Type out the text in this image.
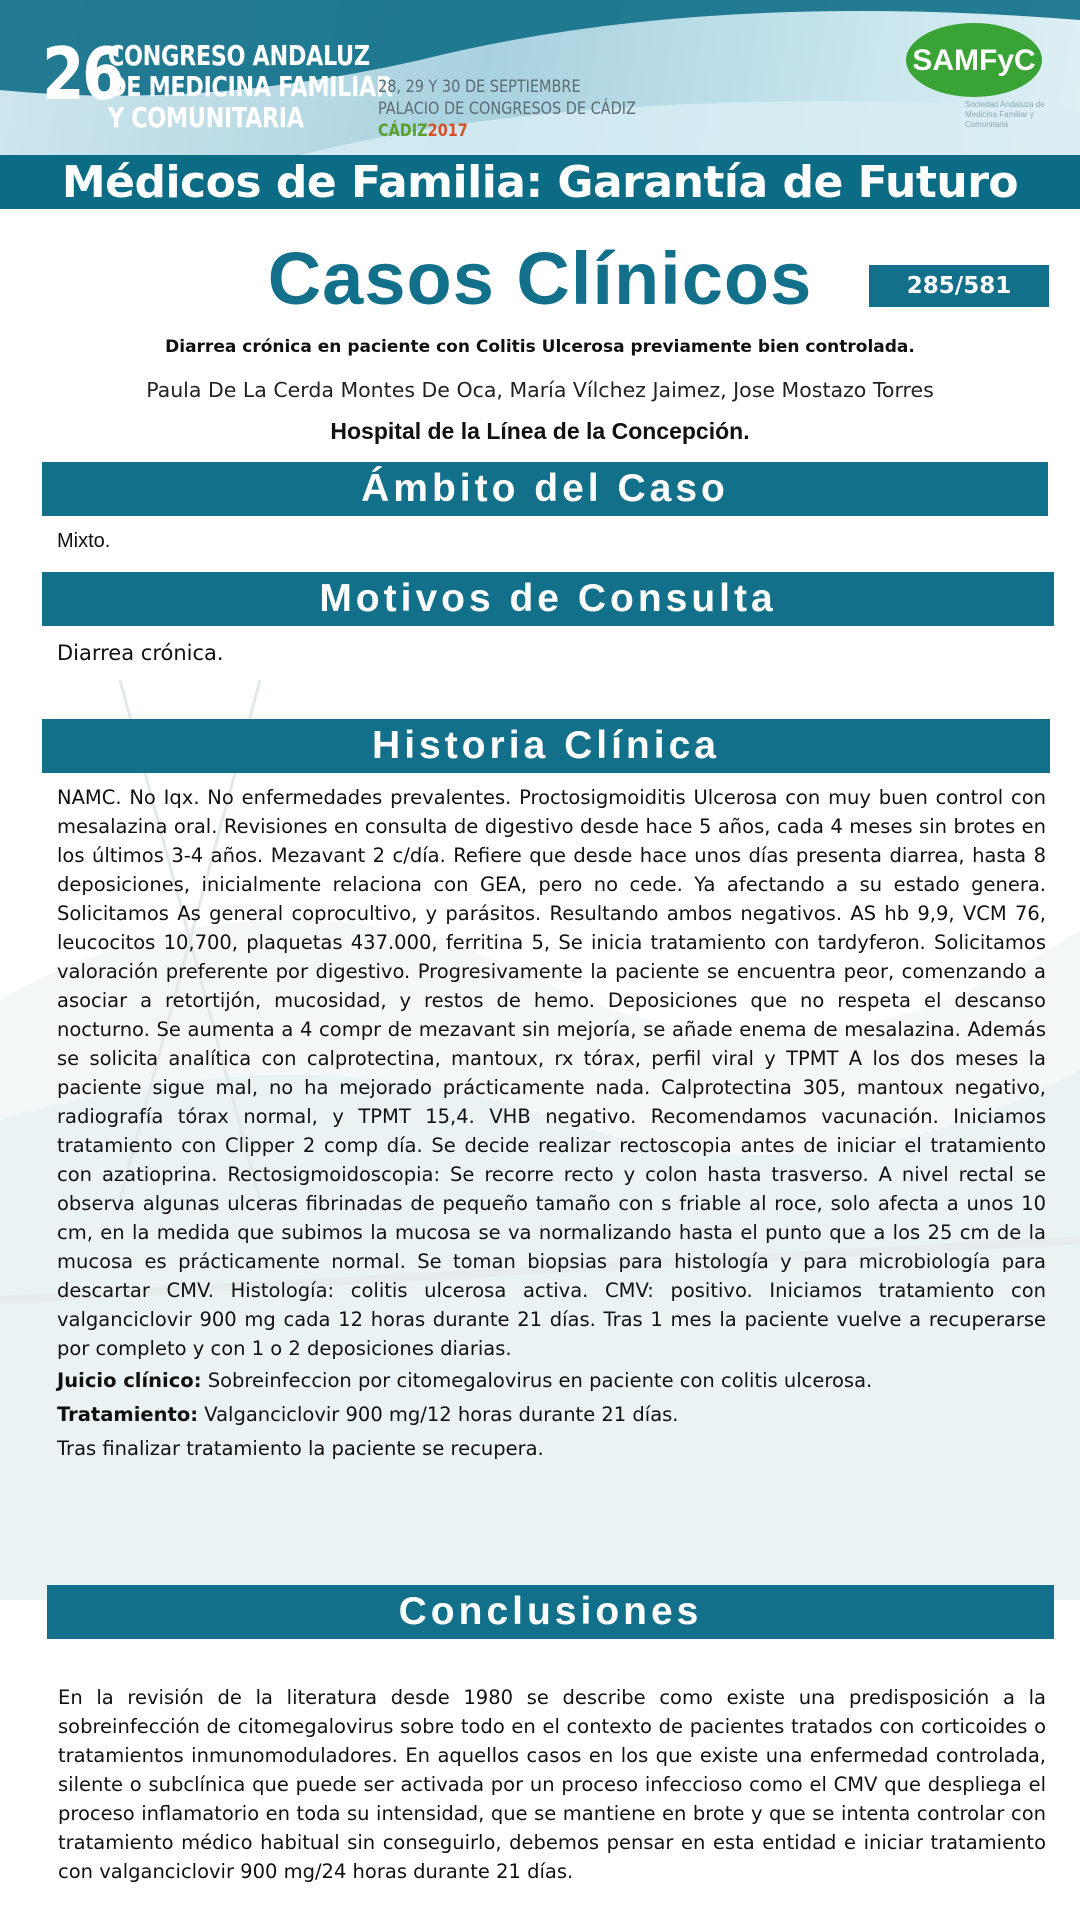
26
CONGRESO ANDALUZ
DE MEDICINA FAMILIAR
Y COMUNITARIA
28, 29 Y 30 DE SEPTIEMBRE
PALACIO DE CONGRESOS DE CÁDIZ
CÁDIZ2017
SAMFyC
Sociedad Andaluza de Medicina Familiar y Comunitaria
Médicos de Familia: Garantía de Futuro
Casos Clínicos	285/581
Diarrea crónica en paciente con Colitis Ulcerosa previamente bien controlada.
Paula De La Cerda Montes De Oca, María Vílchez Jaimez, Jose Mostazo Torres
Hospital de la Línea de la Concepción.
Ámbito del Caso
Mixto.
Motivos de Consulta
Diarrea crónica.
Historia Clínica

NAMC. No Iqx. No enfermedades prevalentes. Proctosigmoiditis Ulcerosa con muy buen control con mesalazina oral. Revisiones en consulta de digestivo desde hace 5 años, cada 4 meses sin brotes en los últimos 3-4 años. Mezavant 2 c/día. Refiere que desde hace unos días presenta diarrea, hasta 8 deposiciones, inicialmente relaciona con GEA, pero no cede. Ya afectando a su estado genera. Solicitamos As general coprocultivo, y parásitos. Resultando ambos negativos. AS hb 9,9, VCM 76, leucocitos 10,700, plaquetas 437.000, ferritina 5, Se inicia tratamiento con tardyferon. Solicitamos valoración preferente por digestivo. Progresivamente la paciente se encuentra peor, comenzando a asociar a retortijón, mucosidad, y restos de hemo. Deposiciones que no respeta el descanso nocturno. Se aumenta a 4 compr de mezavant sin mejoría, se añade enema de mesalazina. Además se solicita analítica con calprotectina, mantoux, rx tórax, perfil viral y TPMT A los dos meses la paciente sigue mal, no ha mejorado prácticamente nada. Calprotectina 305, mantoux negativo, radiografía tórax normal, y TPMT 15,4. VHB negativo. Recomendamos vacunación. Iniciamos tratamiento con Clipper 2 comp día. Se decide realizar rectoscopia antes de iniciar el tratamiento con azatioprina. Rectosigmoidoscopia: Se recorre recto y colon hasta trasverso. A nivel rectal se observa algunas ulceras fibrinadas de pequeño tamaño con s friable al roce, solo afecta a unos 10 cm, en la medida que subimos la mucosa se va normalizando hasta el punto que a los 25 cm de la mucosa es prácticamente normal. Se toman biopsias para histología y para microbiología para descartar CMV. Histología: colitis ulcerosa activa. CMV: positivo. Iniciamos tratamiento con valganciclovir 900 mg cada 12 horas durante 21 días. Tras 1 mes la paciente vuelve a recuperarse por completo y con 1 o 2 deposiciones diarias.

Juicio clínico: Sobreinfeccion por citomegalovirus en paciente con colitis ulcerosa.
Tratamiento: Valganciclovir 900 mg/12 horas durante 21 días.
Tras finalizar tratamiento la paciente se recupera.
Conclusiones

En la revisión de la literatura desde 1980 se describe como existe una predisposición a la sobreinfección de citomegalovirus sobre todo en el contexto de pacientes tratados con corticoides o tratamientos inmunomoduladores. En aquellos casos en los que existe una enfermedad controlada, silente o subclínica que puede ser activada por un proceso infeccioso como el CMV que despliega el proceso inflamatorio en toda su intensidad, que se mantiene en brote y que se intenta controlar con tratamiento médico habitual sin conseguirlo, debemos pensar en esta entidad e iniciar tratamiento con valganciclovir 900 mg/24 horas durante 21 días.
